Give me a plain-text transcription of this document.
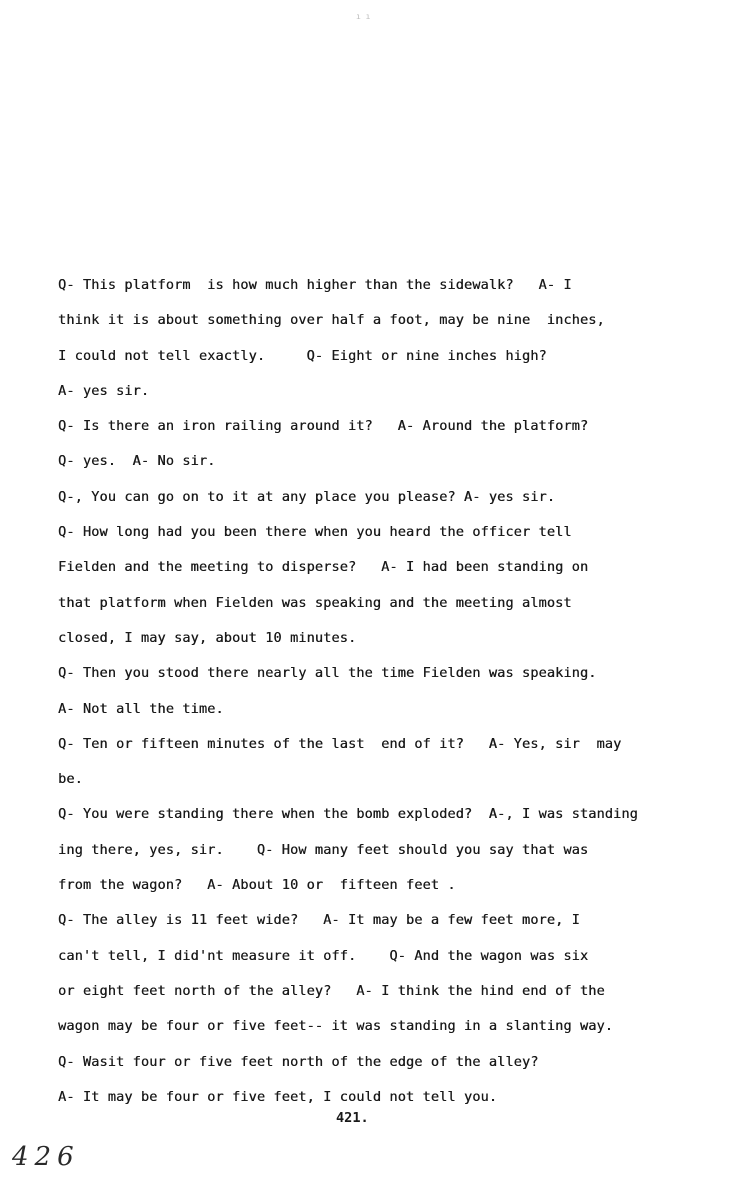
ı ı
Q- This platform  is how much higher than the sidewalk?   A- I
think it is about something over half a foot, may be nine  inches,
I could not tell exactly.     Q- Eight or nine inches high?
A- yes sir.
Q- Is there an iron railing around it?   A- Around the platform?
Q- yes.  A- No sir.
Q-, You can go on to it at any place you please? A- yes sir.
Q- How long had you been there when you heard the officer tell
Fielden and the meeting to disperse?   A- I had been standing on
that platform when Fielden was speaking and the meeting almost
closed, I may say, about 10 minutes.
Q- Then you stood there nearly all the time Fielden was speaking.
A- Not all the time.
Q- Ten or fifteen minutes of the last  end of it?   A- Yes, sir  may
be.
Q- You were standing there when the bomb exploded?  A-, I was standing
ing there, yes, sir.    Q- How many feet should you say that was
from the wagon?   A- About 10 or  fifteen feet .
Q- The alley is 11 feet wide?   A- It may be a few feet more, I
can't tell, I did'nt measure it off.    Q- And the wagon was six
or eight feet north of the alley?   A- I think the hind end of the
wagon may be four or five feet-- it was standing in a slanting way.
Q- Wasit four or five feet north of the edge of the alley?
A- It may be four or five feet, I could not tell you.
421.
426
